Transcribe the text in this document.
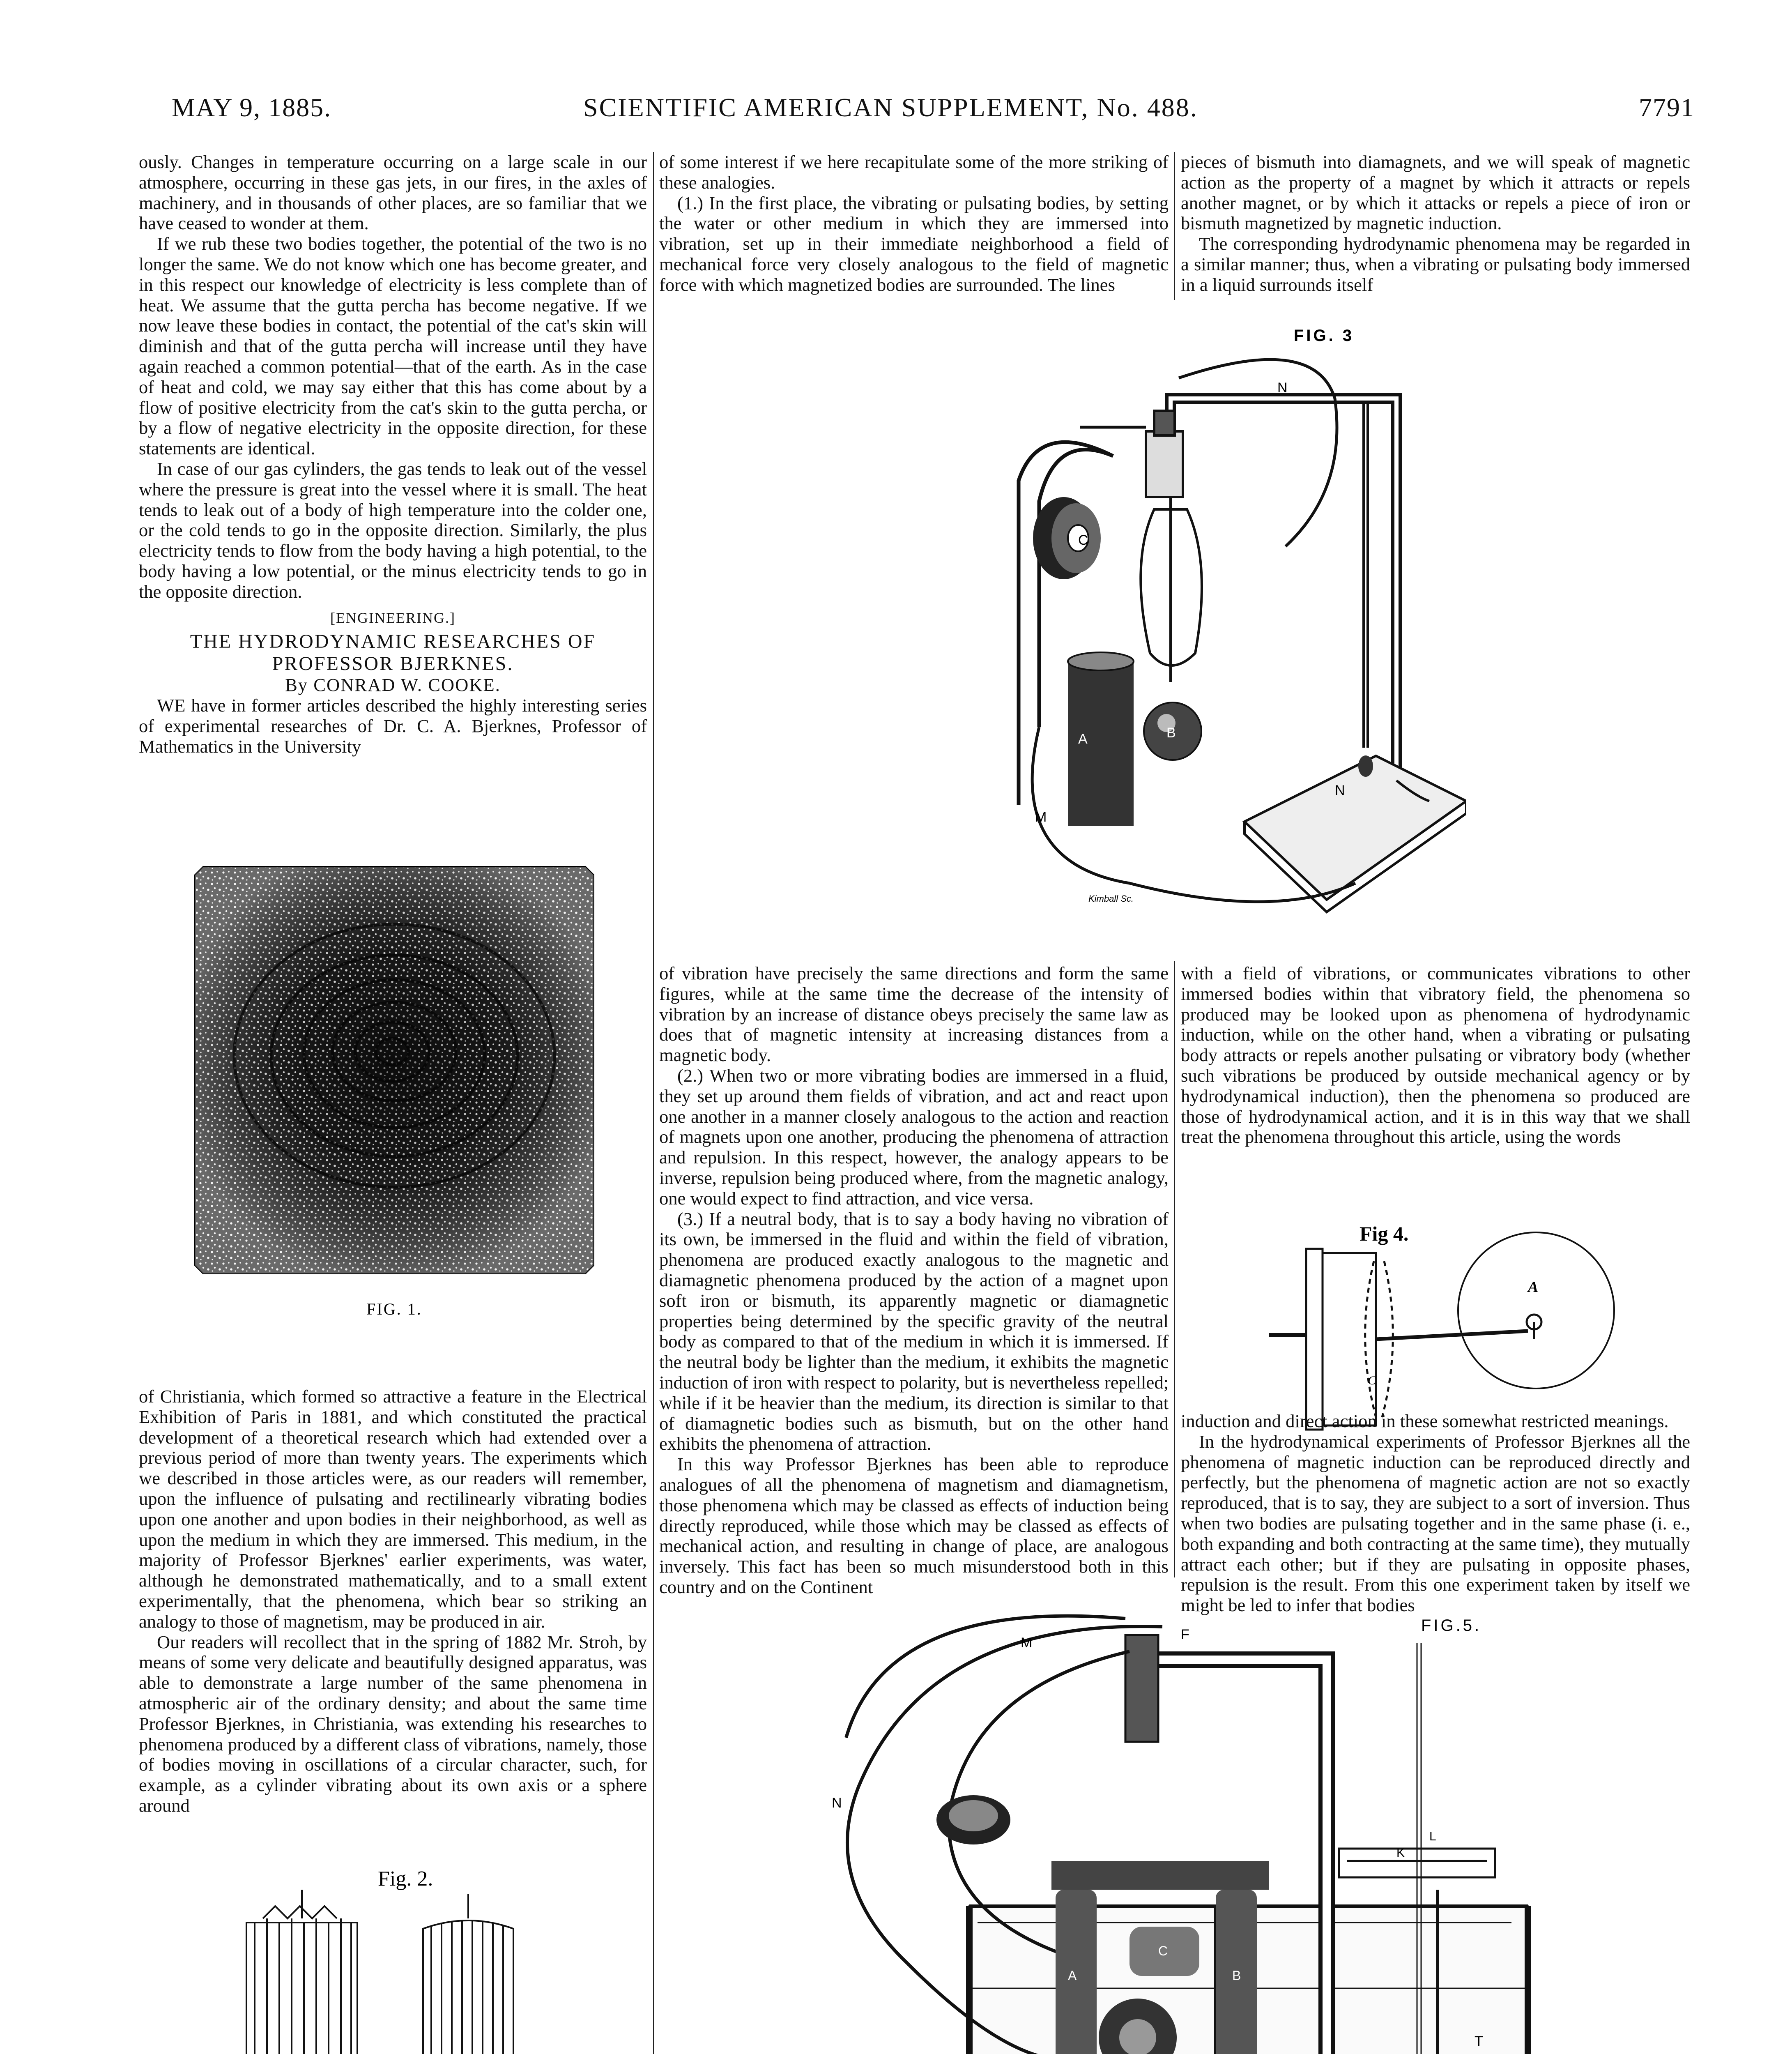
MAY 9, 1885.	SCIENTIFIC AMERICAN SUPPLEMENT, No. 488.	7791

ously. Changes in temperature occurring on a large scale in our atmosphere, occurring in these gas jets, in our fires, in the axles of machinery, and in thousands of other places, are so familiar that we have ceased to wonder at them.

If we rub these two bodies together, the potential of the two is no longer the same. We do not know which one has become greater, and in this respect our knowledge of electricity is less complete than of heat. We assume that the gutta percha has become negative. If we now leave these bodies in contact, the potential of the cat's skin will diminish and that of the gutta percha will increase until they have again reached a common potential—that of the earth. As in the case of heat and cold, we may say either that this has come about by a flow of positive electricity from the cat's skin to the gutta percha, or by a flow of negative electricity in the opposite direction, for these statements are identical.

In case of our gas cylinders, the gas tends to leak out of the vessel where the pressure is great into the vessel where it is small. The heat tends to leak out of a body of high temperature into the colder one, or the cold tends to go in the opposite direction. Similarly, the plus electricity tends to flow from the body having a high potential, to the body having a low potential, or the minus electricity tends to go in the opposite direction.

[ENGINEERING.]

THE HYDRODYNAMIC RESEARCHES OF PROFESSOR BJERKNES.

By CONRAD W. COOKE.

WE have in former articles described the highly interesting series of experimental researches of Dr. C. A. Bjerknes, Professor of Mathematics in the University

FIG. 1.

of Christiania, which formed so attractive a feature in the Electrical Exhibition of Paris in 1881, and which constituted the practical development of a theoretical research which had extended over a previous period of more than twenty years. The experiments which we described in those articles were, as our readers will remember, upon the influence of pulsating and rectilinearly vibrating bodies upon one another and upon bodies in their neighborhood, as well as upon the medium in which they are immersed. This medium, in the majority of Professor Bjerknes' earlier experiments, was water, although he demonstrated mathematically, and to a small extent experimentally, that the phenomena, which bear so striking an analogy to those of magnetism, may be produced in air.

Our readers will recollect that in the spring of 1882 Mr. Stroh, by means of some very delicate and beautifully designed apparatus, was able to demonstrate a large number of the same phenomena in atmospheric air of the ordinary density; and about the same time Professor Bjerknes, in Christiania, was extending his researches to phenomena produced by a different class of vibrations, namely, those of bodies moving in oscillations of a circular character, such, for example, as a cylinder vibrating about its own axis or a sphere around

Fig. 2.

of some interest if we here recapitulate some of the more striking of these analogies.

(1.) In the first place, the vibrating or pulsating bodies, by setting the water or other medium in which they are immersed into vibration, set up in their immediate neighborhood a field of mechanical force very closely analogous to the field of magnetic force with which magnetized bodies are surrounded. The lines

pieces of bismuth into diamagnets, and we will speak of magnetic action as the property of a magnet by which it attracts or repels another magnet, or by which it attacks or repels a piece of iron or bismuth magnetized by magnetic induction.

The corresponding hydrodynamic phenomena may be regarded in a similar manner; thus, when a vibrating or pulsating body immersed in a liquid surrounds itself

FIG. 3
N
N
C
A	B
M
Kimball Sc.

of vibration have precisely the same directions and form the same figures, while at the same time the decrease of the intensity of vibration by an increase of distance obeys precisely the same law as does that of magnetic intensity at increasing distances from a magnetic body.

(2.) When two or more vibrating bodies are immersed in a fluid, they set up around them fields of vibration, and act and react upon one another in a manner closely analogous to the action and reaction of magnets upon one another, producing the phenomena of attraction and repulsion. In this respect, however, the analogy appears to be inverse, repulsion being produced where, from the magnetic analogy, one would expect to find attraction, and vice versa.

(3.) If a neutral body, that is to say a body having no vibration of its own, be immersed in the fluid and within the field of vibration, phenomena are produced exactly analogous to the magnetic and diamagnetic phenomena produced by the action of a magnet upon soft iron or bismuth, its apparently magnetic or diamagnetic properties being determined by the specific gravity of the neutral body as compared to that of the medium in which it is immersed. If the neutral body be lighter than the medium, it exhibits the magnetic induction of iron with respect to polarity, but is nevertheless repelled; while if it be heavier than the medium, its direction is similar to that of diamagnetic bodies such as bismuth, but on the other hand exhibits the phenomena of attraction.

In this way Professor Bjerknes has been able to reproduce analogues of all the phenomena of magnetism and diamagnetism, those phenomena which may be classed as effects of induction being directly reproduced, while those which may be classed as effects of mechanical action, and resulting in change of place, are analogous inversely. This fact has been so much misunderstood both in this country and on the Continent

with a field of vibrations, or communicates vibrations to other immersed bodies within that vibratory field, the phenomena so produced may be looked upon as phenomena of hydrodynamic induction, while on the other hand, when a vibrating or pulsating body attracts or repels another pulsating or vibratory body (whether such vibrations be produced by outside mechanical agency or by hydrodynamical induction), then the phenomena so produced are those of hydrodynamical action, and it is in this way that we shall treat the phenomena throughout this article, using the words

Fig 4.
A
C

induction and direct action in these somewhat restricted meanings.

In the hydrodynamical experiments of Professor Bjerknes all the phenomena of magnetic induction can be reproduced directly and perfectly, but the phenomena of magnetic action are not so exactly reproduced, that is to say, they are subject to a sort of inversion. Thus when two bodies are pulsating together and in the same phase (i. e., both expanding and both contracting at the same time), they mutually attract each other; but if they are pulsating in opposite phases, repulsion is the result. From this one experiment taken by itself we might be led to infer that bodies

FIG.5.
M
F
N
L
K
T
A	B
C
